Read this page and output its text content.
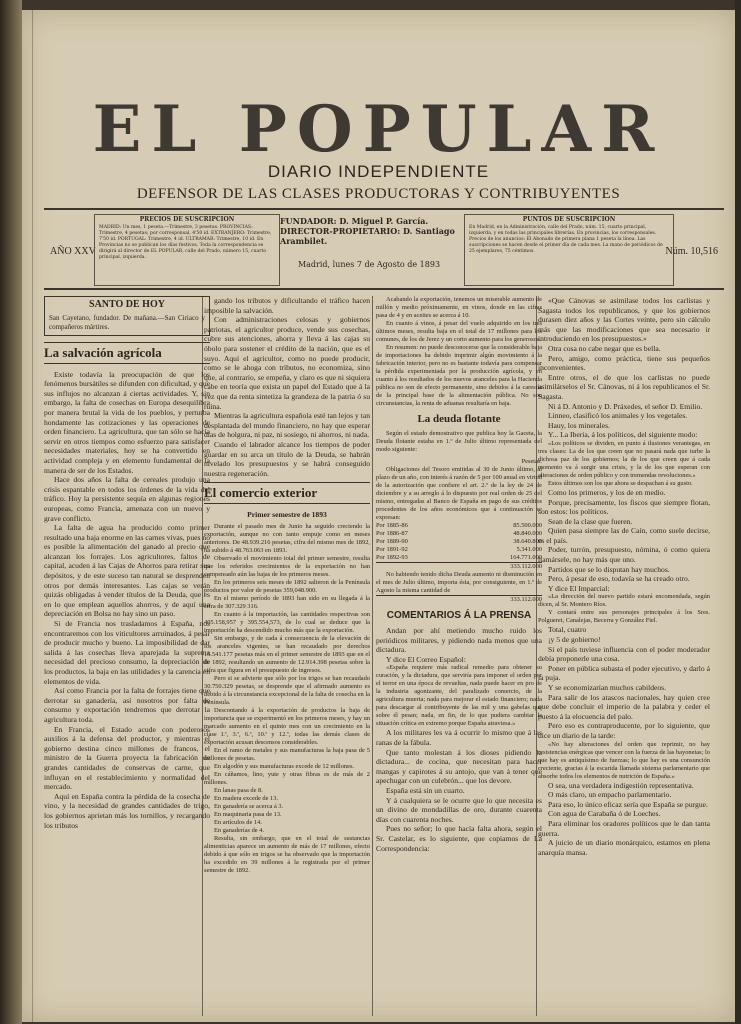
EL POPULAR
DIARIO INDEPENDIENTE
DEFENSOR DE LAS CLASES PRODUCTORAS Y CONTRIBUYENTES
AÑO XXV
PRECIOS DE SUSCRIPCION
MADRID: Un mes, 1 peseta.—Trimestre, 3 pesetas. PROVINCIAS: Trimestre, 4 pesetas; por corresponsal, 4'50 id. EXTRANJERO: Trimestre, 7'50 id. PORTUGAL: Trimestre, 4 id. ULTRAMAR: Trimestre, 10 id. En Provincias no se publican los días festivos. Toda la correspondencia se dirigirá al director de EL POPULAR, calle del Prado, número 15, cuarto principal, izquierda.
FUNDADOR: D. Miguel P. García.
DIRECTOR-PROPIETARIO: D. Santiago Arambilet.
Madrid, lunes 7 de Agosto de 1893
PUNTOS DE SUSCRIPCION
En Madrid, en la Administración, calle del Prado, núm. 15, cuarto principal, izquierda, y en todas las principales librerías. En provincias, los corresponsales. Precios de los anuncios: El Abonado de primera plana 1 peseta la línea. Las suscripciones se hacen desde el primer día de cada mes. La mano de periódicos de 25 ejemplares, 75 céntimos.	Núm. 10,516
SANTO DE HOY
San Cayetano, fundador. De mañana.—San Ciriaco y compañeros mártires.
La salvación agrícola

Existe todavía la preocupación de que los fenómenos bursátiles se difunden con dificultad, y que sus influjos no alcanzan á ciertas actividades. Y, sin embargo, la falta de cosechas en Europa desequilibra por manera brutal la vida de los pueblos, y perturba hondamente las cotizaciones y las operaciones de orden financiero. La agricultura, que tan sólo se hacía servir en otros tiempos como esfuerzo para satisfacer necesidades materiales, hoy se ha convertido en actividad compleja y en elemento fundamental de la manera de ser de los Estados.

Hace dos años la falta de cereales produjo una crisis espantable en todos los órdenes de la vida del tráfico. Hoy la persistente sequía en algunas regiones europeas, como Francia, amenaza con un nuevo y grave conflicto.

La falta de agua ha producido como primer resultado una baja enorme en las carnes vivas, pues no es posible la alimentación del ganado al precio que alcanzan los forrajes. Los agricultores, faltos de capital, acuden á las Cajas de Ahorros para retirar sus depósitos, y de este suceso tan natural se desprenden otros por demás interesantes. Las cajas se verán quizás obligadas á vender títulos de la Deuda, que es en lo que emplean aquellos ahorros, y de aquí una depreciación en Bolsa no hay sino un paso.

Si de Francia nos trasladamos á España, nos encontraremos con los viticultores arruinados, á pesar de producir mucho y bueno. La imposibilidad de dar salida á las cosechas lleva aparejada la suprema necesidad del precioso consumo, la depreciación de los productos, la baja en las utilidades y la carencia en elementos de vida.

Así como Francia por la falta de forrajes tiene que derrotar su ganadería, así nosotros por falta de consumo y exportación tendremos que derrotar la agricultura toda.

En Francia, el Estado acude con poderosos auxilios á la defensa del productor, y mientras el gobierno destina cinco millones de francos, el ministro de la Guerra proyecta la fabricación de grandes cantidades de conservas de carne, que influyan en el restablecimiento y normalidad del mercado.

Aquí en España contra la pérdida de la cosecha de vino, y la necesidad de grandes cantidades de trigo, los gobiernos aprietan más los tornillos, y recargando los tributos

gando los tributos y dificultando el tráfico hacen imposible la salvación.

Con administraciones celosas y gobiernos patriotas, el agricultor produce, vende sus cosechas, cubre sus atenciones, ahorra y lleva á las cajas su óbolo para sostener el crédito de la nación, que es el suyo. Aquí el agricultor, como no puede producir, como se le ahoga con tributos, no economiza, sino que, al contrario, se empeña, y claro es que ni siquiera cabe en teoría que exista un papel del Estado que á la vez que da renta sintetiza la grandeza de la patria ó su ruina.

Mientras la agricultura española esté tan lejos y tan desplantada del mundo financiero, no hay que esperar días de holgura, ni paz, ni sosiego, ni ahorros, ni nada.

Cuando el labrador alcance los tiempos de poder guardar en su arca un título de la Deuda, se habrán nivelado los presupuestos y se habrá conseguido nuestra regeneración.

El comercio exterior
Primer semestre de 1893

Durante el pasado mes de Junio ha seguido creciendo la exportación, aunque no con tanto empuje como en meses anteriores. De 48.939.216 pesetas, cifra del mismo mes de 1892, ha subido á 48.763.063 en 1893.

Observado el movimiento total del primer semestre, resulta que los referidos crecimientos de la exportación no han compensado aún las bajas de los primeros meses.

En los primeros seis meses de 1892 salieron de la Península productos por valor de pesetas 359,048.900.

En el mismo período de 1893 han sido en su llegada á la cifra de 307.329 316.

En cuanto á la importación, las cantidades respectivas son 405.158,957 y 395.554,573, de lo cual se deduce que la importación ha descendido mucho más que la exportación.

Sin embargo, y de cada á consecuencia de la elevación de los aranceles vigentes, se han recaudado por derechos 15.541.177 pesetas más en el primer semestre de 1893 que en el de 1892, resultando un aumento de 12.914.398 pesetas sobre la cifra que figura en el presupuesto de ingresos.

Pero si se advierte que sólo por los trigos se han recaudado 30.750.329 pesetas, se desprende que el afirmado aumento es debido á la circunstancia excepcional de la falta de cosecha en la Península.

Descontando á la exportación de productos la baja de importancia que se experimentó en los primeros meses, y hay un marcado aumento en el quinto mes con un crecimiento en la clase I.ª, 3.ª, 6.ª, 10.ª y 12.ª, todas las demás clases de exportación acusan descensos considerables.

En el ramo de metales y sus manufacturas la baja pasa de 5 millones de pesetas.

En algodón y sus manufacturas excede de 12 millones.

En cáñamos, lino, yute y otras fibras es de más de 2 millones.

En lanas pasa de 8.

En madera excede de 13.

En ganadería se acerca á 3.

En maquinaria pasa de 13.

En artículos de 14.

En ganaderías de 4.

Resulta, sin embargo, que en el total de sustancias alimenticias aparece un aumento de más de 17 millones, efecto debido á que sólo en trigos se ha observado que la importación ha excedido en 39 millones á la registrada por el primer semestre de 1892.

Acabando la exportación, tenemos un miserable aumento de millón y medio próximamente, en vinos, donde en las cifras pasa de 4 y en aceites se acerca á 10.

En cuanto á vinos, á pesar del vuelo adquirido en los tres últimos meses, resulta baja en el total de 17 millones para los comunes, de los de Jerez y un corto aumento para los generosos.

En resumen: no puede desconocerse que la considerable baja de importaciones ha debido imprimir algún movimiento á la fabricación interior, pero no es bastante todavía para compensar la pérdida experimentada por la producción agrícola, y en cuanto á los resultados de los nuevos aranceles para la Hacienda pública no son de efecto permanente, sino debidos á la carestía de la principal base de la alimentación pública. No son circunstancias, la renta de aduanas resultaría en baja.

La deuda flotante

Según el estado demostrativo que publica hoy la Gaceta, la Deuda flotante estaba en 1.º de Julio último representada del modo siguiente:

Pesetas.

Obligaciones del Tesoro emitidas al 30 de Junio último, al plazo de un año, con interés á razón de 5 por 100 anual en virtud de la autorización que confiere el art. 2.º de la ley de 24 de diciembre y a su arreglo á lo dispuesto por real orden de 25 del mismo, entregadas al Banco de España en pago de sus créditos procedentes de los años económicos que á continuación se expresan:

Por 1885-86	85.500.000
Por 1886-87	48.840.000
Por 1889-90	38.640.800
Por 1891-92	5.341.000
Por 1892-93	164.771.000
333.112.000

No habiendo tenido dicha Deuda aumento ni disminución en el mes de Julio último, importa ésta, por consiguiente, en 1.º de Agosto la misma cantidad de

333.112.000
COMENTARIOS Á LA PRENSA

Andan por ahí metiendo mucho ruido los periódicos militares, y pidiendo nada menos que una dictadura.

Y dice El Correo Español:

«España requiere más radical remedio para obtener su curación, y la dictadura, que serviría para imponer el orden por el terror en una época de revueltas, nada puede hacer en pro de la industria agonizante, del paralizado comercio, de la agricultura muerta; nada para mejorar el estado financiero; nada para descargar al contribuyente de las mil y una gabelas que sobre él pesan; nada, en fin, de lo que pudiera cambiar la situación crítica en extremo porque España atraviesa.»

A los militares les va á ocurrir lo mismo que á las ranas de la fábula.

Que tanto molestan á los dioses pidiendo la dictadura... de cocina, que necesitan para hacer mangas y capirotes á su antojo, que van á tener que apechugar con un culebrón... que los devore.

España está sin un cuarto.

Y á cualquiera se le ocurre que lo que necesita es un divino de mondadillas de oro, durante cuarenta días con cuarenta noches.

Pues no señor; lo que hacía falta ahora, según el Sr. Castelar, es lo siguiente, que copiamos de La Correspondencia:

«Que Cánovas se asimilase todos los carlistas y Sagasta todos los republicanos, y que los gobiernos durasen diez años y las Cortes veinte, pero sin cálculo más que las modificaciones que sea necesario ir introduciendo en los presupuestos.»

Otra cosa no cabe negar que es bella.

Pero, amigo, como práctica, tiene sus pequeños inconvenientes.

Entre otros, el de que los carlistas no puede asimilárselos el Sr. Cánovas, ni á los republicanos el Sr. Sagasta.

Ni á D. Antonio y D. Práxedes, el señor D. Emilio.

Linneo, clasificó los animales y los vegetales.

Hauy, los minerales.

Y... La Iberia, á los políticos, del siguiente modo:

«Los políticos se dividen, en punto á ilusiones veraniegas, en tres clases: La de los que creen que no pasará nada que turbe la dichosa paz de los gobiernos; la de los que creen que á cada momento va á surgir una crisis, y la de los que esperan con alteraciones de orden público y con tremendas revoluciones.»

Estos últimos son los que ahora se despachan á su gusto.

Como los primeros, y los de en medio.

Porque, precisamente, los fiscos que siempre flotan, son estos: los políticos.

Sean de la clase que fueren.

Quien pasa siempre las de Caín, como suele decirse, es el país.

Poder, turrón, presupuesto, nómina, ó como quiera llamársele, no hay más que uno.

Partidos que se lo disputan hay muchos.

Pero, á pesar de eso, todavía se ha creado otro.

Y dice El Imparcial:

«La dirección del nuevo partido estará encomendada, según dicen, al Sr. Montero Ríos.

Y contará entre sus personajes principales á los Sres. Polgueret, Canalejas, Becerra y González Fiel.

Total, cuatro

¡y 5 de gobierno!

Si el país tuviese influencia con el poder moderador debía proponerle una cosa.

Poner en pública subasta el poder ejecutivo, y darlo á la puja.

Y se economizarían muchos cabildeos.

Para salir de los atascos nacionales, hay quien cree que debe concluir el imperio de la palabra y ceder el puesto á la elocuencia del palo.

Pero eso es contraproducente, por lo siguiente, que dice un diario de la tarde:

«No hay alteraciones del orden que reprimir, no hay resistencias enérgicas que vencer con la fuerza de las bayonetas; lo que hay es antiquísimo de fuerzas; lo que hay es una consunción creciente, gracias á la escarida llamada sistema parlamentario que absorbe todos los elementos de nutrición de España.»

O sea, una verdadera indigestión representativa.

O más claro, un empacho parlamentario.

Para eso, lo único eficaz sería que España se purgue.

Con agua de Carabaña ó de Loeches.

Para eliminar los oradores políticos que le dan tanta guerra.

A juicio de un diario monárquico, estamos en plena anarquía mansa.
